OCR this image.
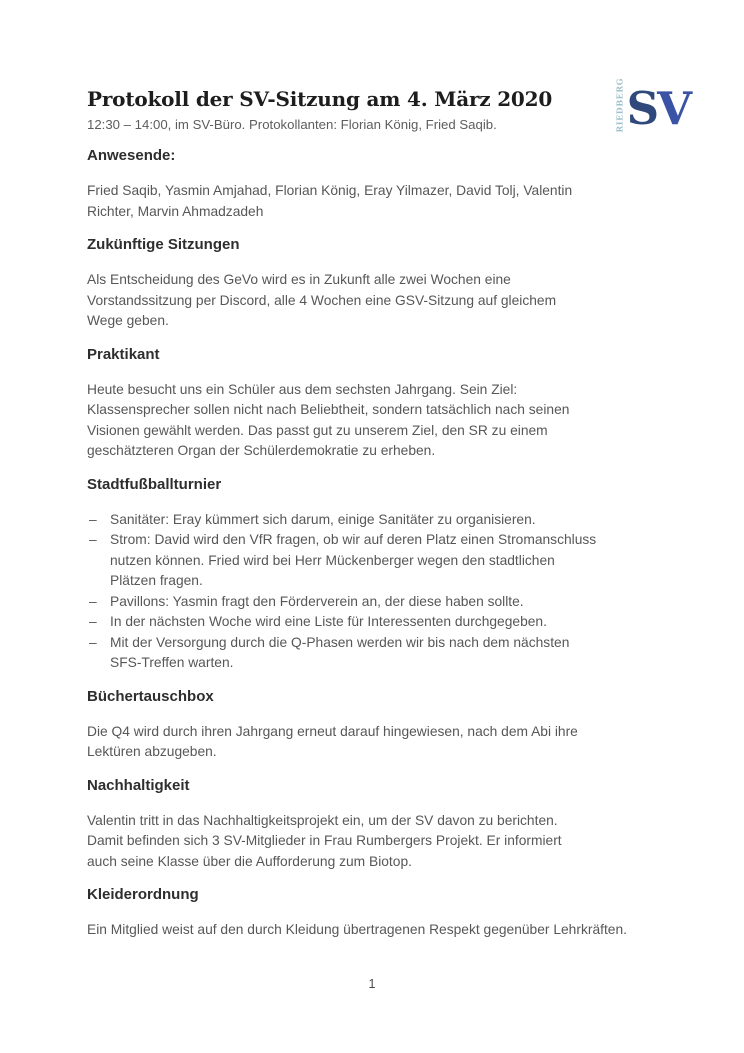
RIEDBERG SV
Protokoll der SV-Sitzung am 4. März 2020
12:30 – 14:00, im SV-Büro. Protokollanten: Florian König, Fried Saqib.
Anwesende:
Fried Saqib, Yasmin Amjahad, Florian König, Eray Yilmazer, David Tolj, Valentin
Richter, Marvin Ahmadzadeh
Zukünftige Sitzungen
Als Entscheidung des GeVo wird es in Zukunft alle zwei Wochen eine
Vorstandssitzung per Discord, alle 4 Wochen eine GSV-Sitzung auf gleichem
Wege geben.
Praktikant
Heute besucht uns ein Schüler aus dem sechsten Jahrgang. Sein Ziel:
Klassensprecher sollen nicht nach Beliebtheit, sondern tatsächlich nach seinen
Visionen gewählt werden. Das passt gut zu unserem Ziel, den SR zu einem
geschätzteren Organ der Schülerdemokratie zu erheben.
Stadtfußballturnier
– Sanitäter: Eray kümmert sich darum, einige Sanitäter zu organisieren.
– Strom: David wird den VfR fragen, ob wir auf deren Platz einen Stromanschluss
nutzen können. Fried wird bei Herr Mückenberger wegen den stadtlichen
Plätzen fragen.
– Pavillons: Yasmin fragt den Förderverein an, der diese haben sollte.
– In der nächsten Woche wird eine Liste für Interessenten durchgegeben.
– Mit der Versorgung durch die Q-Phasen werden wir bis nach dem nächsten
SFS-Treffen warten.
Büchertauschbox
Die Q4 wird durch ihren Jahrgang erneut darauf hingewiesen, nach dem Abi ihre
Lektüren abzugeben.
Nachhaltigkeit
Valentin tritt in das Nachhaltigkeitsprojekt ein, um der SV davon zu berichten.
Damit befinden sich 3 SV-Mitglieder in Frau Rumbergers Projekt. Er informiert
auch seine Klasse über die Aufforderung zum Biotop.
Kleiderordnung
Ein Mitglied weist auf den durch Kleidung übertragenen Respekt gegenüber Lehrkräften.
1
